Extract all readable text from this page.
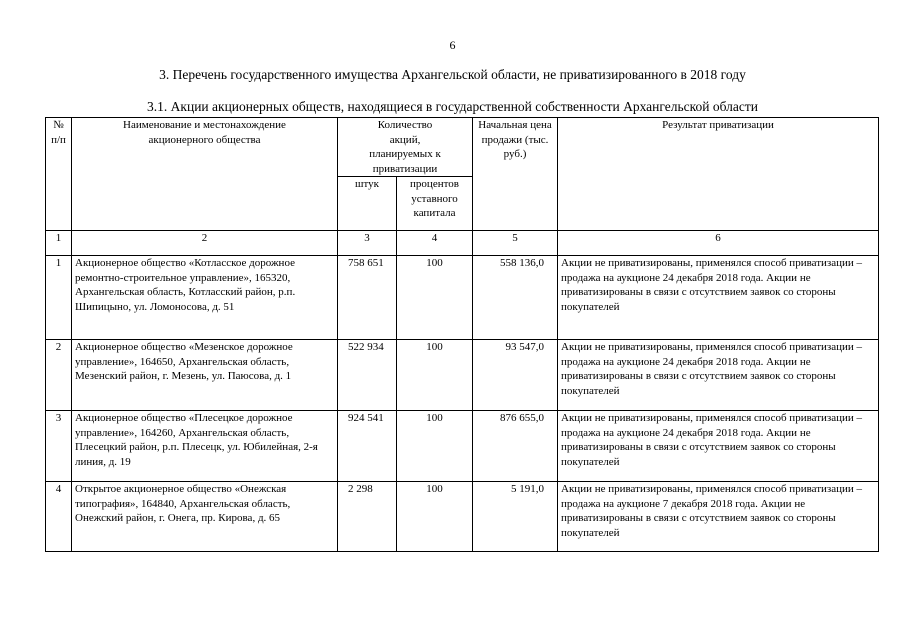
6
3. Перечень государственного имущества Архангельской области, не приватизированного в 2018 году
3.1. Акции акционерных обществ, находящиеся в государственной собственности Архангельской области
№ п/п	Наименование и местонахождение акционерного общества	Количество акций, планируемых к приватизации		Начальная цена продажи (тыс. руб.)	Результат приватизации
		штук	процентов уставного капитала		
1	2	3	4	5	6
1	Акционерное общество «Котласское дорожное ремонтно-строительное управление», 165320, Архангельская область, Котласский район, р.п. Шипицыно, ул. Ломоносова, д. 51	758 651	100	558 136,0	Акции не приватизированы, применялся способ приватизации – продажа на аукционе 24 декабря 2018 года. Акции не приватизированы в связи с отсутствием заявок со стороны покупателей
2	Акционерное общество «Мезенское дорожное управление», 164650, Архангельская область, Мезенский район, г. Мезень, ул. Паюсова, д. 1	522 934	100	93 547,0	Акции не приватизированы, применялся способ приватизации – продажа на аукционе 24 декабря 2018 года. Акции не приватизированы в связи с отсутствием заявок со стороны покупателей
3	Акционерное общество «Плесецкое дорожное управление», 164260, Архангельская область, Плесецкий район, р.п. Плесецк, ул. Юбилейная, 2-я линия, д. 19	924 541	100	876 655,0	Акции не приватизированы, применялся способ приватизации – продажа на аукционе 24 декабря 2018 года. Акции не приватизированы в связи с отсутствием заявок со стороны покупателей
4	Открытое акционерное общество «Онежская типография», 164840, Архангельская область, Онежский район, г. Онега, пр. Кирова, д. 65	2 298	100	5 191,0	Акции не приватизированы, применялся способ приватизации – продажа на аукционе 7 декабря 2018 года. Акции не приватизированы в связи с отсутствием заявок со стороны покупателей
